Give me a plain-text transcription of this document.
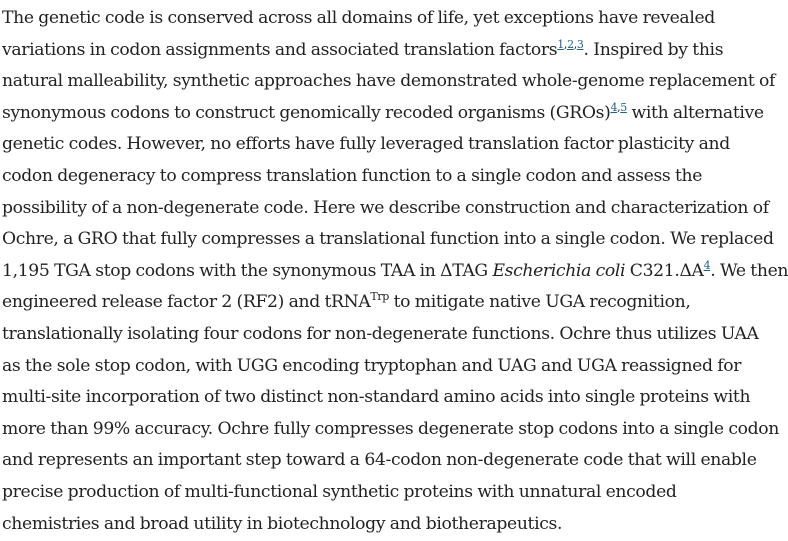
The genetic code is conserved across all domains of life, yet exceptions have revealed
variations in codon assignments and associated translation factors$^{1,2,3}$. Inspired by this
natural malleability, synthetic approaches have demonstrated whole-genome replacement of
synonymous codons to construct genomically recoded organisms (GROs)$^{4,5}$ with alternative
genetic codes. However, no efforts have fully leveraged translation factor plasticity and
codon degeneracy to compress translation function to a single codon and assess the
possibility of a non-degenerate code. Here we describe construction and characterization of
Ochre, a GRO that fully compresses a translational function into a single codon. We replaced
1,195 TGA stop codons with the synonymous TAA in ΔTAG Escherichia coli C321.ΔA$^4$. We then
engineered release factor 2 (RF2) and tRNA$^{Trp}$ to mitigate native UGA recognition,
translationally isolating four codons for non-degenerate functions. Ochre thus utilizes UAA
as the sole stop codon, with UGG encoding tryptophan and UAG and UGA reassigned for
multi-site incorporation of two distinct non-standard amino acids into single proteins with
more than 99% accuracy. Ochre fully compresses degenerate stop codons into a single codon
and represents an important step toward a 64-codon non-degenerate code that will enable
precise production of multi-functional synthetic proteins with unnatural encoded
chemistries and broad utility in biotechnology and biotherapeutics.
